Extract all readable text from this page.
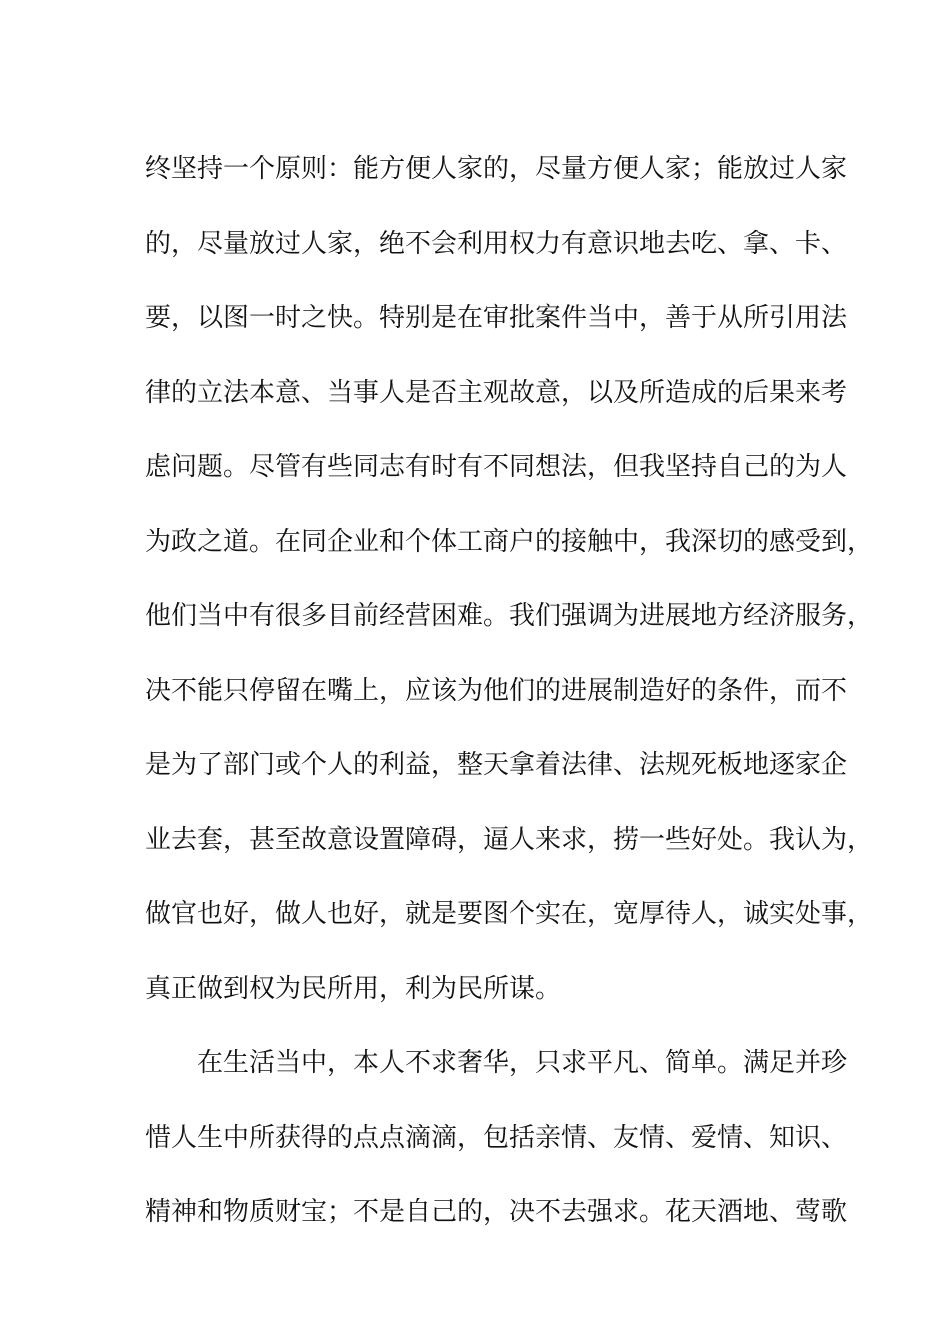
终坚持一个原则：能方便人家的，尽量方便人家；能放过人家
的，尽量放过人家，绝不会利用权力有意识地去吃、拿、卡、
要，以图一时之快。特别是在审批案件当中，善于从所引用法
律的立法本意、当事人是否主观故意，以及所造成的后果来考
虑问题。尽管有些同志有时有不同想法，但我坚持自己的为人
为政之道。在同企业和个体工商户的接触中，我深切的感受到，
他们当中有很多目前经营困难。我们强调为进展地方经济服务，
决不能只停留在嘴上，应该为他们的进展制造好的条件，而不
是为了部门或个人的利益，整天拿着法律、法规死板地逐家企
业去套，甚至故意设置障碍，逼人来求，捞一些好处。我认为，
做官也好，做人也好，就是要图个实在，宽厚待人，诚实处事，
真正做到权为民所用，利为民所谋。
在生活当中，本人不求奢华，只求平凡、简单。满足并珍
惜人生中所获得的点点滴滴，包括亲情、友情、爱情、知识、
精神和物质财宝；不是自己的，决不去强求。花天酒地、莺歌
